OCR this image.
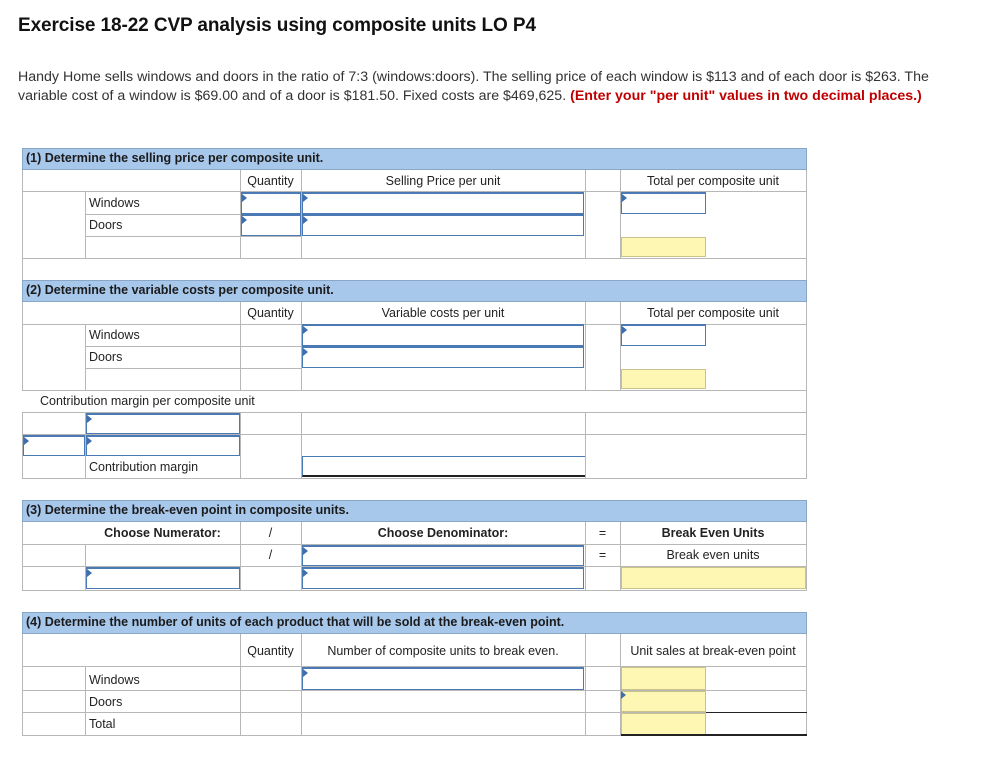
Exercise 18-22 CVP analysis using composite units LO P4
Handy Home sells windows and doors in the ratio of 7:3 (windows:doors). The selling price of each window is $113 and of each door is $263. The variable cost of a window is $69.00 and of a door is $181.50. Fixed costs are $469,625. (Enter your "per unit" values in two decimal places.)
(1) Determine the selling price per composite unit.
Quantity	Selling Price per unit	Total per composite unit
Windows
Doors
(2) Determine the variable costs per composite unit.
Quantity	Variable costs per unit	Total per composite unit
Windows
Doors
Contribution margin per composite unit
Contribution margin
(3) Determine the break-even point in composite units.
Choose Numerator:	/	Choose Denominator:	=	Break Even Units
/	=	Break even units
(4) Determine the number of units of each product that will be sold at the break-even point.
Quantity	Number of composite units to break even.	Unit sales at break-even point
Windows
Doors
Total
